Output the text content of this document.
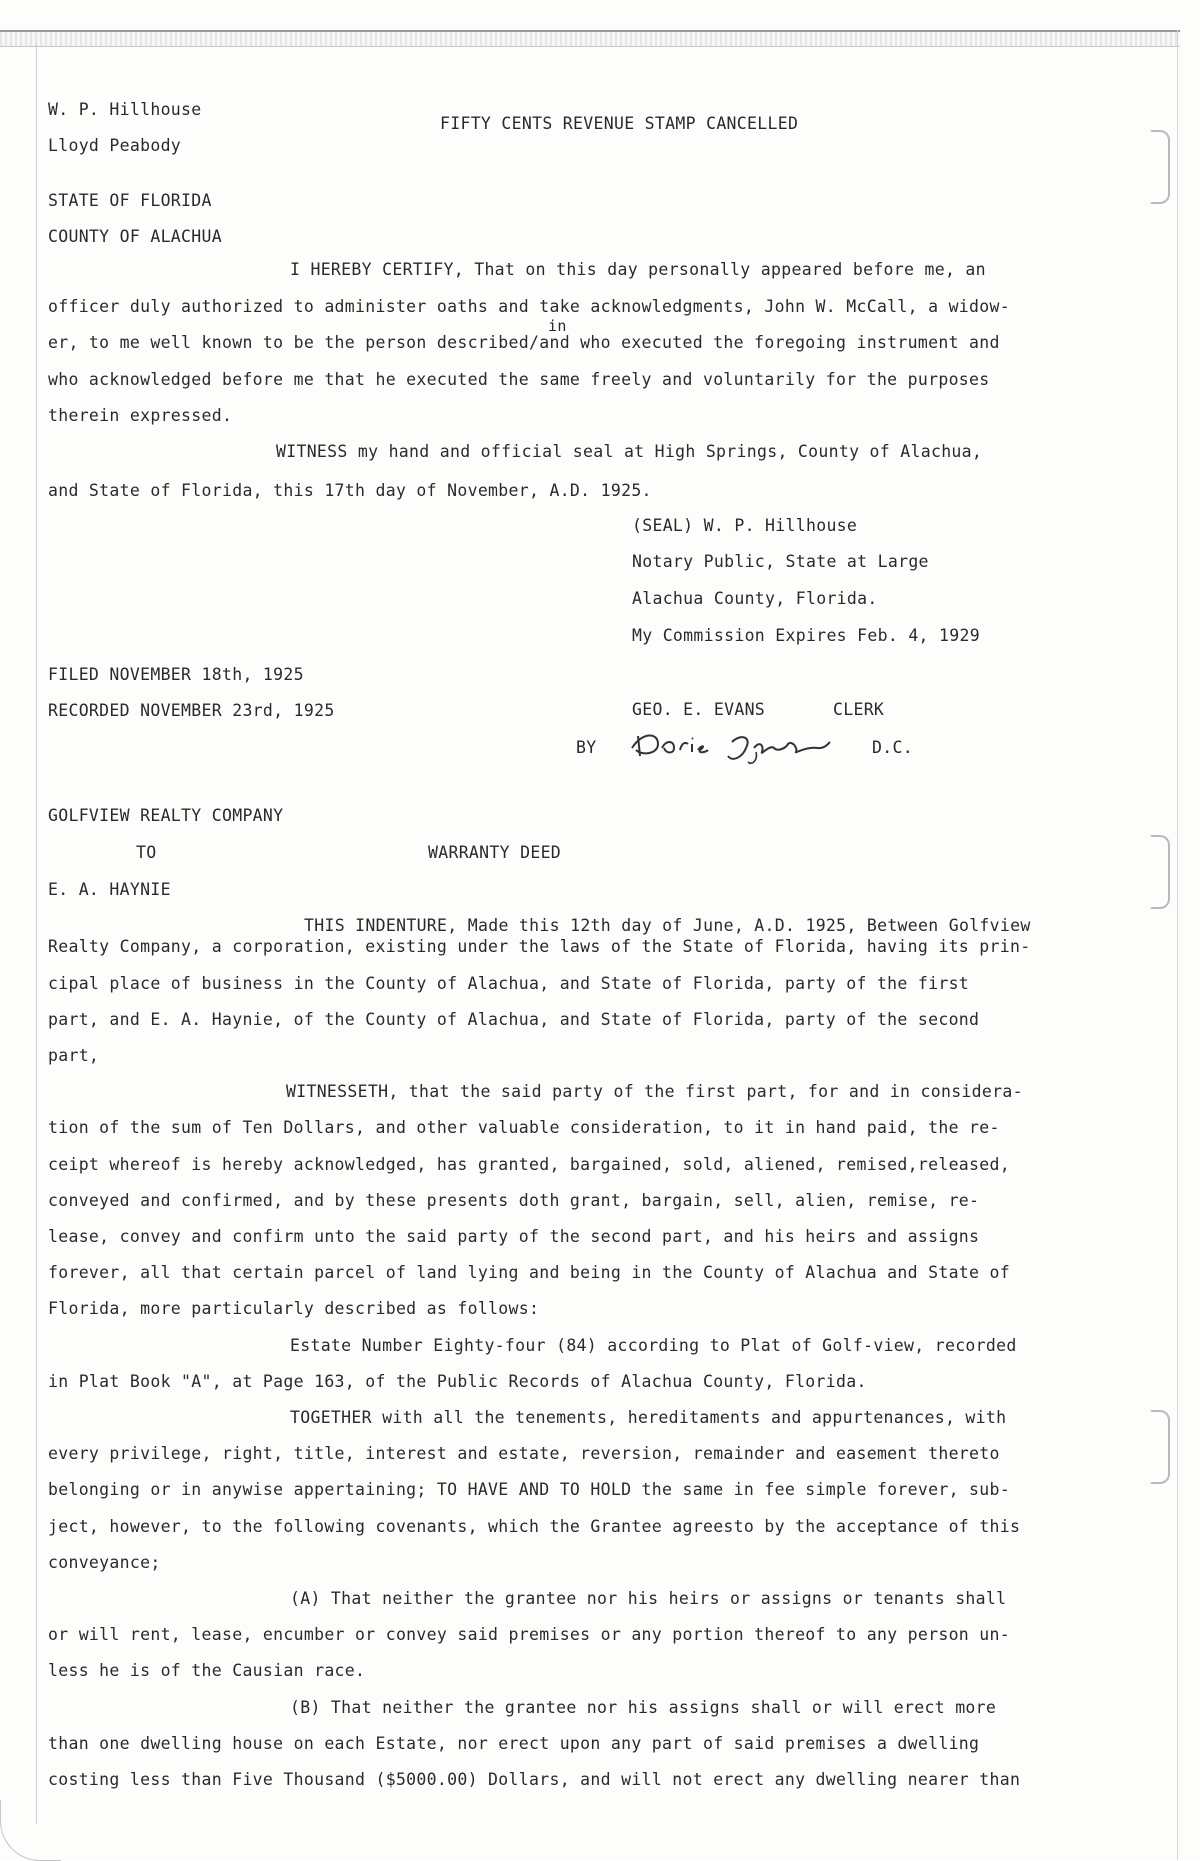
W. P. Hillhouse
Lloyd Peabody
FIFTY CENTS REVENUE STAMP CANCELLED
STATE OF FLORIDA
COUNTY OF ALACHUA
I HEREBY CERTIFY, That on this day personally appeared before me, an
officer duly authorized to administer oaths and take acknowledgments, John W. McCall, a widow-
in
er, to me well known to be the person described/and who executed the foregoing instrument and
who acknowledged before me that he executed the same freely and voluntarily for the purposes
therein expressed.
WITNESS my hand and official seal at High Springs, County of Alachua,
and State of Florida, this 17th day of November, A.D. 1925.
(SEAL) W. P. Hillhouse
Notary Public, State at Large
Alachua County, Florida.
My Commission Expires Feb. 4, 1929
FILED NOVEMBER 18th, 1925
RECORDED NOVEMBER 23rd, 1925	GEO. E. EVANS	CLERK
BY	D.C.
GOLFVIEW REALTY COMPANY
TO	WARRANTY DEED
E. A. HAYNIE
THIS INDENTURE, Made this 12th day of June, A.D. 1925, Between Golfview
Realty Company, a corporation, existing under the laws of the State of Florida, having its prin-
cipal place of business in the County of Alachua, and State of Florida, party of the first
part, and E. A. Haynie, of the County of Alachua, and State of Florida, party of the second
part,
WITNESSETH, that the said party of the first part, for and in considera-
tion of the sum of Ten Dollars, and other valuable consideration, to it in hand paid, the re-
ceipt whereof is hereby acknowledged, has granted, bargained, sold, aliened, remised,released,
conveyed and confirmed, and by these presents doth grant, bargain, sell, alien, remise, re-
lease, convey and confirm unto the said party of the second part, and his heirs and assigns
forever, all that certain parcel of land lying and being in the County of Alachua and State of
Florida, more particularly described as follows:
Estate Number Eighty-four (84) according to Plat of Golf-view, recorded
in Plat Book "A", at Page 163, of the Public Records of Alachua County, Florida.
TOGETHER with all the tenements, hereditaments and appurtenances, with
every privilege, right, title, interest and estate, reversion, remainder and easement thereto
belonging or in anywise appertaining; TO HAVE AND TO HOLD the same in fee simple forever, sub-
ject, however, to the following covenants, which the Grantee agreesto by the acceptance of this
conveyance;
(A) That neither the grantee nor his heirs or assigns or tenants shall
or will rent, lease, encumber or convey said premises or any portion thereof to any person un-
less he is of the Causian race.
(B) That neither the grantee nor his assigns shall or will erect more
than one dwelling house on each Estate, nor erect upon any part of said premises a dwelling
costing less than Five Thousand ($5000.00) Dollars, and will not erect any dwelling nearer than
